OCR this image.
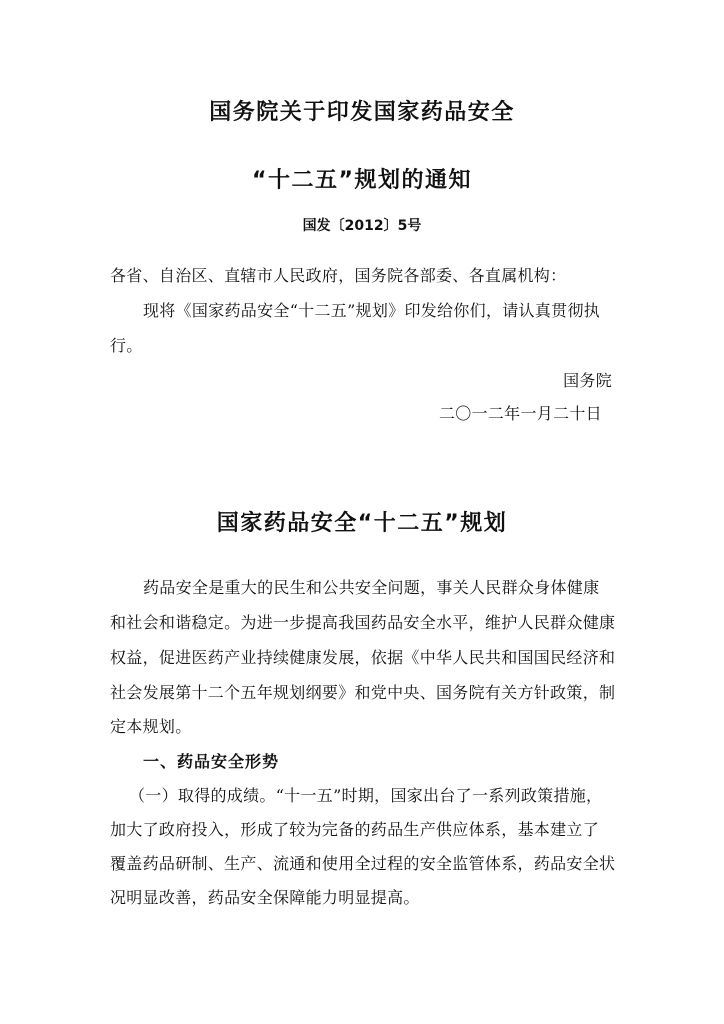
国务院关于印发国家药品安全
“十二五”规划的通知
国发〔2012〕5号
各省、自治区、直辖市人民政府，国务院各部委、各直属机构：
现将《国家药品安全“十二五”规划》印发给你们，请认真贯彻执
行。
国务院
二〇一二年一月二十日
国家药品安全“十二五”规划
药品安全是重大的民生和公共安全问题，事关人民群众身体健康
和社会和谐稳定。为进一步提高我国药品安全水平，维护人民群众健康
权益，促进医药产业持续健康发展，依据《中华人民共和国国民经济和
社会发展第十二个五年规划纲要》和党中央、国务院有关方针政策，制
定本规划。
一、药品安全形势
（一）取得的成绩。“十一五”时期，国家出台了一系列政策措施，
加大了政府投入，形成了较为完备的药品生产供应体系，基本建立了
覆盖药品研制、生产、流通和使用全过程的安全监管体系，药品安全状
况明显改善，药品安全保障能力明显提高。
